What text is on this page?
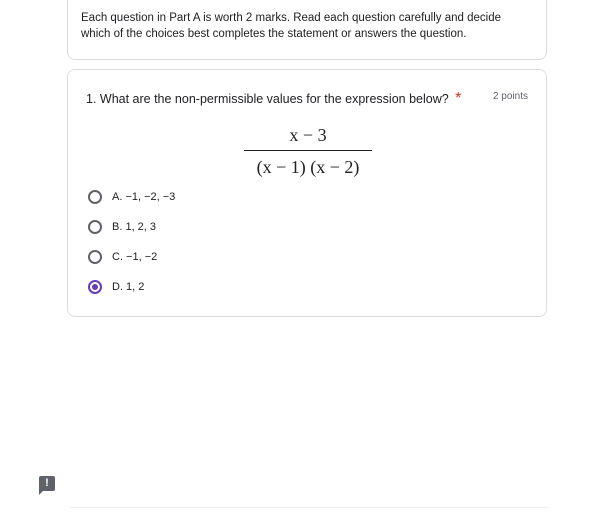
Each question in Part A is worth 2 marks. Read each question carefully and decide which of the choices best completes the statement or answers the question.
1. What are the non-permissible values for the expression below? *	2 points
x − 3
(x − 1) (x − 2)
A. −1, −2, −3
B. 1, 2, 3
C. −1, −2
D. 1, 2
!
